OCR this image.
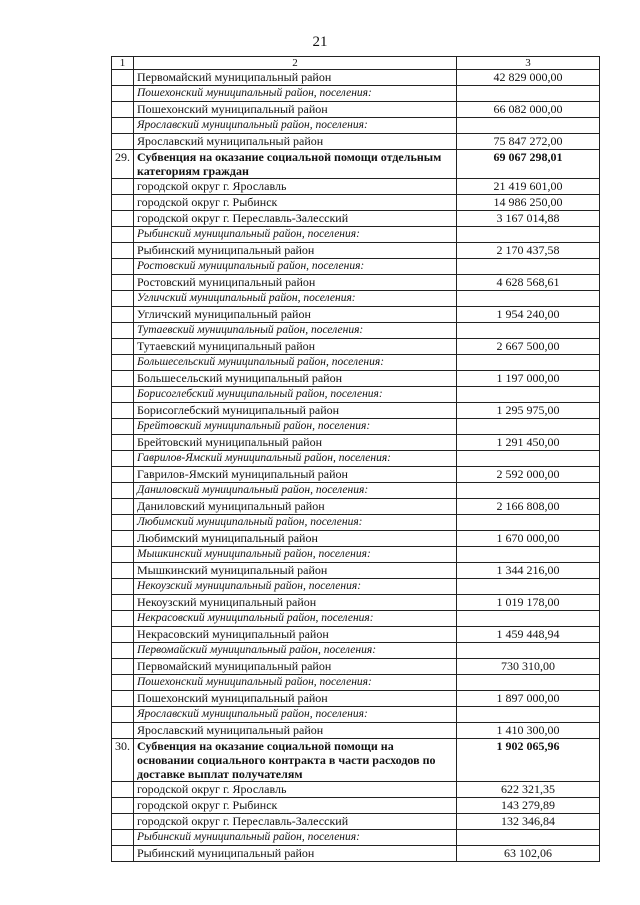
21
1	2	3
	Первомайский муниципальный район	42 829 000,00
	Пошехонский муниципальный район, поселения:	
	Пошехонский муниципальный район	66 082 000,00
	Ярославский муниципальный район, поселения:	
	Ярославский муниципальный район	75 847 272,00
29.	Субвенция на оказание социальной помощи отдельным категориям граждан	69 067 298,01
	городской округ г. Ярославль	21 419 601,00
	городской округ г. Рыбинск	14 986 250,00
	городской округ г. Переславль-Залесский	3 167 014,88
	Рыбинский муниципальный район, поселения:	
	Рыбинский муниципальный район	2 170 437,58
	Ростовский муниципальный район, поселения:	
	Ростовский муниципальный район	4 628 568,61
	Угличский муниципальный район, поселения:	
	Угличский муниципальный район	1 954 240,00
	Тутаевский муниципальный район, поселения:	
	Тутаевский муниципальный район	2 667 500,00
	Большесельский муниципальный район, поселения:	
	Большесельский муниципальный район	1 197 000,00
	Борисоглебский муниципальный район, поселения:	
	Борисоглебский муниципальный район	1 295 975,00
	Брейтовский муниципальный район, поселения:	
	Брейтовский муниципальный район	1 291 450,00
	Гаврилов-Ямский муниципальный район, поселения:	
	Гаврилов-Ямский муниципальный район	2 592 000,00
	Даниловский муниципальный район, поселения:	
	Даниловский муниципальный район	2 166 808,00
	Любимский муниципальный район, поселения:	
	Любимский муниципальный район	1 670 000,00
	Мышкинский муниципальный район, поселения:	
	Мышкинский муниципальный район	1 344 216,00
	Некоузский муниципальный район, поселения:	
	Некоузский муниципальный район	1 019 178,00
	Некрасовский муниципальный район, поселения:	
	Некрасовский муниципальный район	1 459 448,94
	Первомайский муниципальный район, поселения:	
	Первомайский муниципальный район	730 310,00
	Пошехонский муниципальный район, поселения:	
	Пошехонский муниципальный район	1 897 000,00
	Ярославский муниципальный район, поселения:	
	Ярославский муниципальный район	1 410 300,00
30.	Субвенция на оказание социальной помощи на основании социального контракта в части расходов по доставке выплат получателям	1 902 065,96
	городской округ г. Ярославль	622 321,35
	городской округ г. Рыбинск	143 279,89
	городской округ г. Переславль-Залесский	132 346,84
	Рыбинский муниципальный район, поселения:	
	Рыбинский муниципальный район	63 102,06
